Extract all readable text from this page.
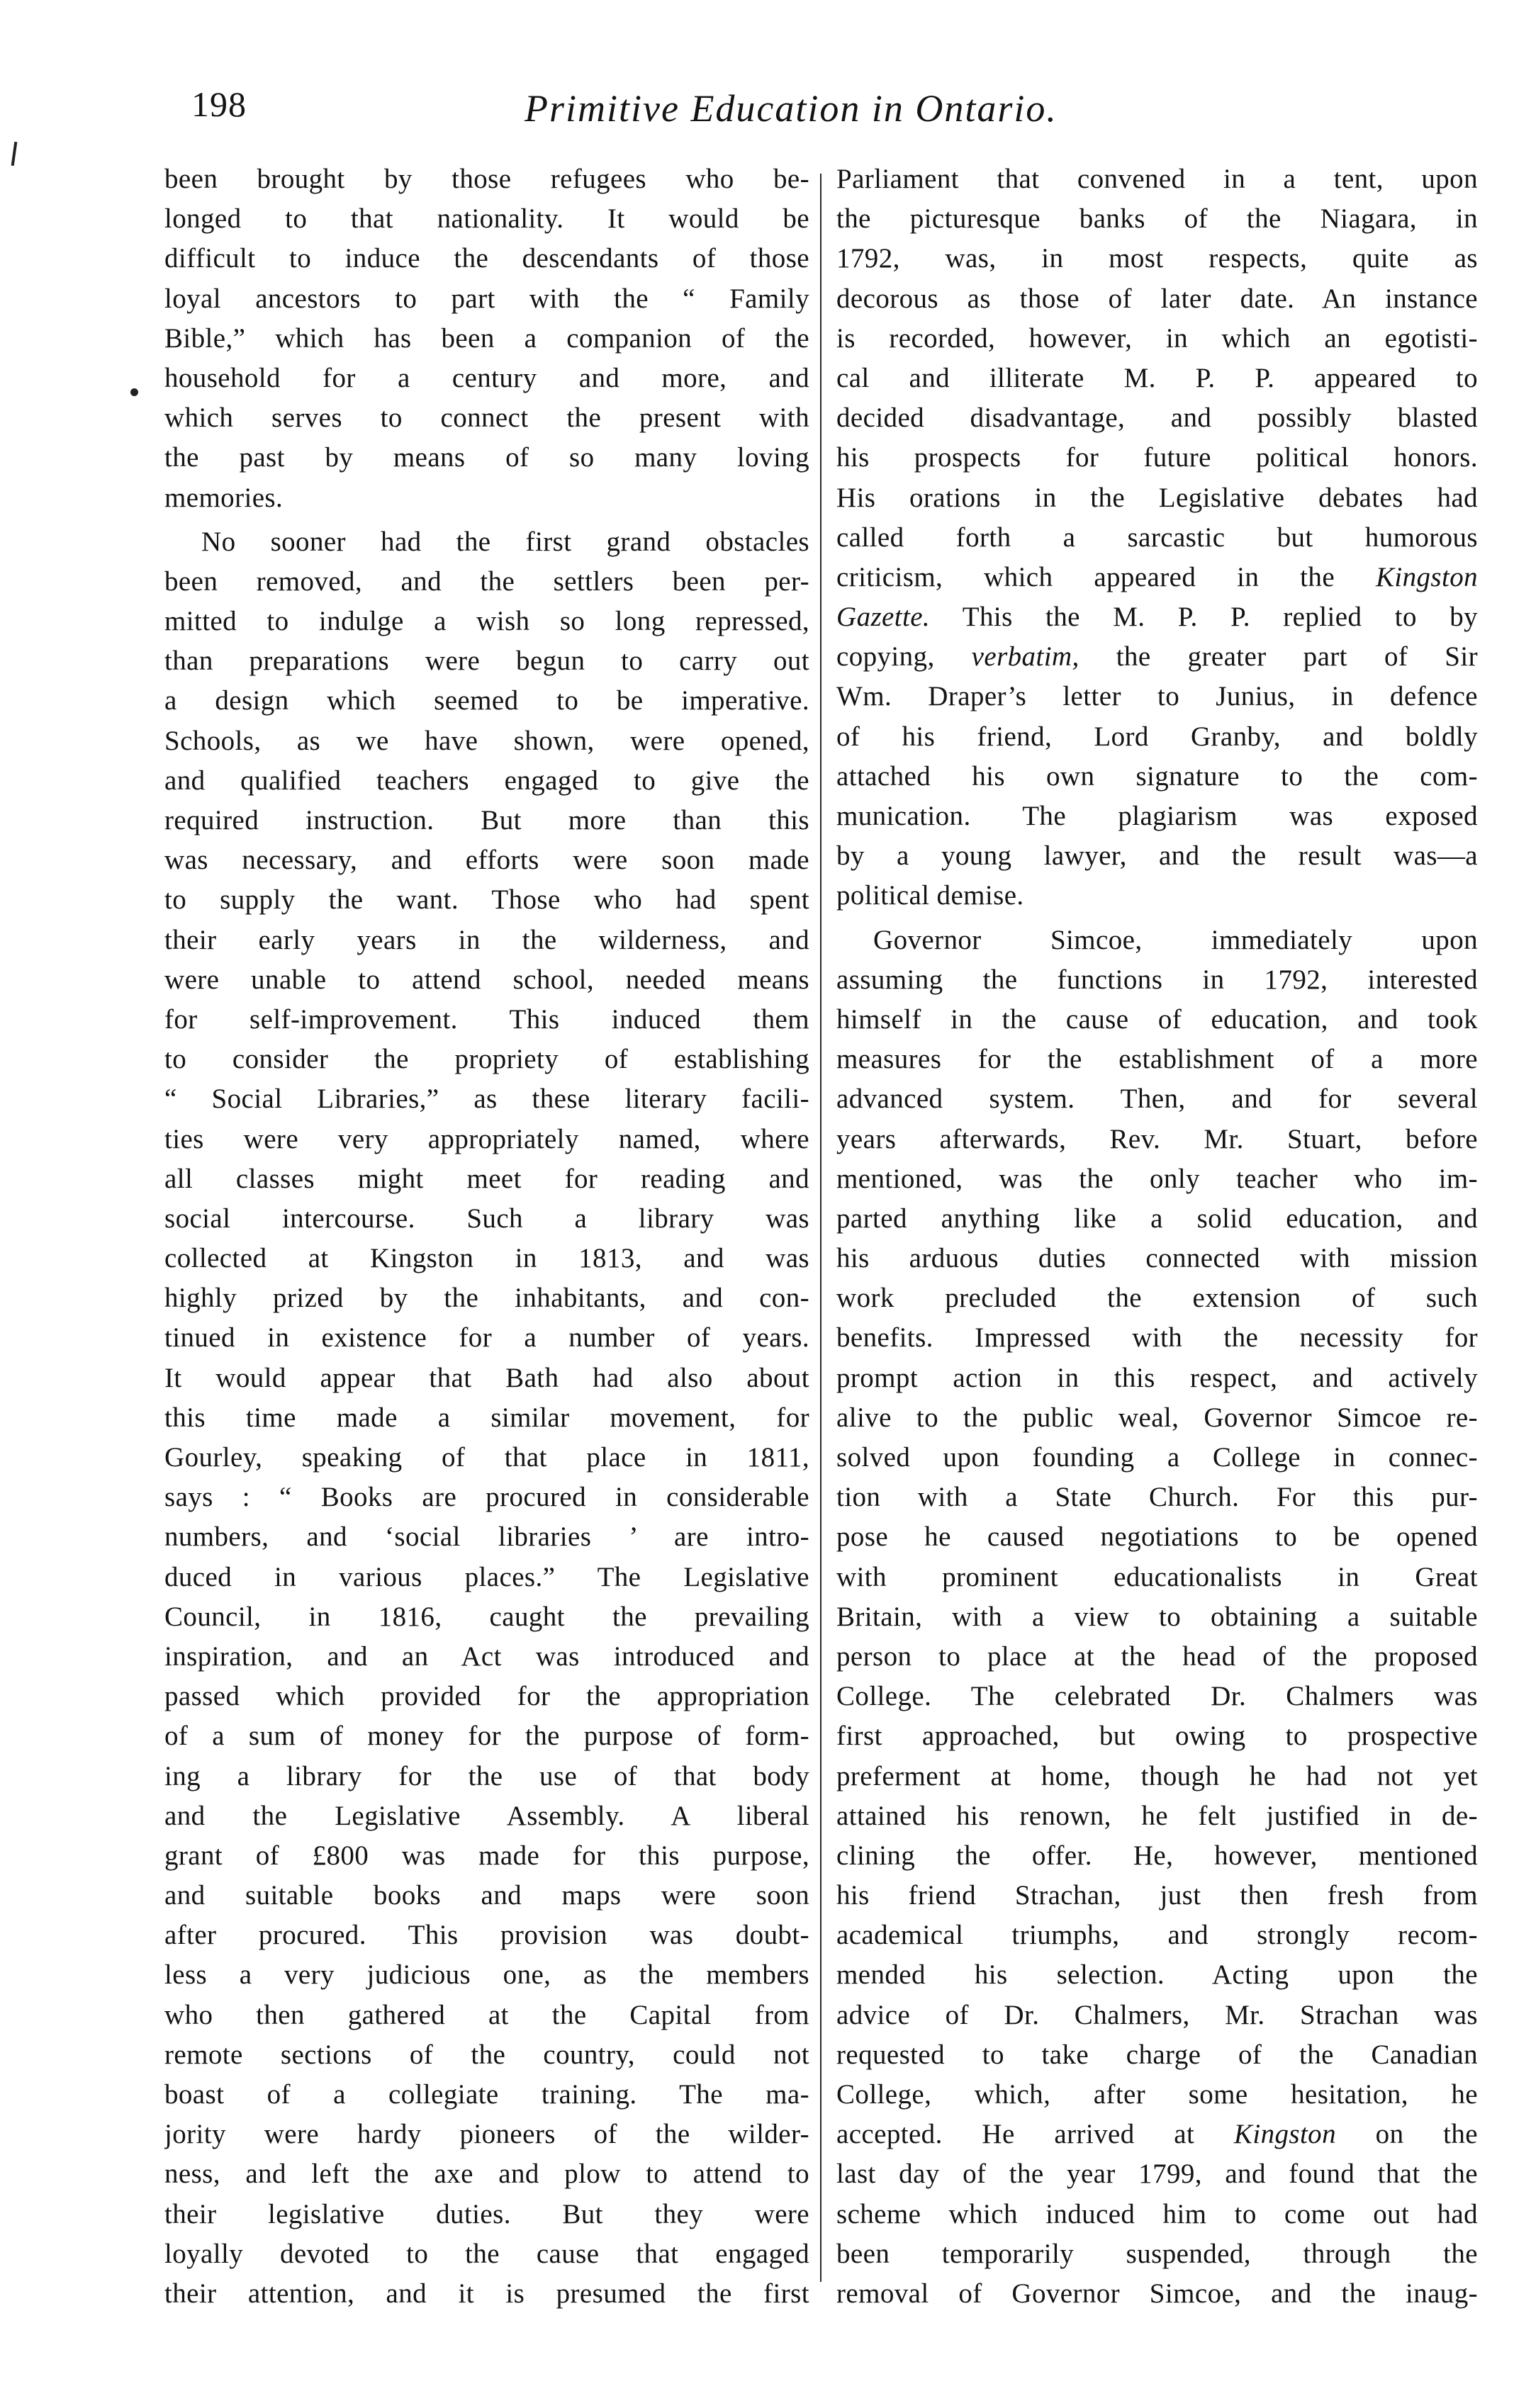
198	Primitive Education in Ontario.
been brought by those refugees who be-
longed to that nationality. It would be
difficult to induce the descendants of those
loyal ancestors to part with the “ Family
Bible,” which has been a companion of the
household for a century and more, and
which serves to connect the present with
the past by means of so many loving
memories.
No sooner had the first grand obstacles
been removed, and the settlers been per-
mitted to indulge a wish so long repressed,
than preparations were begun to carry out
a design which seemed to be imperative.
Schools, as we have shown, were opened,
and qualified teachers engaged to give the
required instruction. But more than this
was necessary, and efforts were soon made
to supply the want. Those who had spent
their early years in the wilderness, and
were unable to attend school, needed means
for self-improvement. This induced them
to consider the propriety of establishing
“ Social Libraries,” as these literary facili-
ties were very appropriately named, where
all classes might meet for reading and
social intercourse. Such a library was
collected at Kingston in 1813, and was
highly prized by the inhabitants, and con-
tinued in existence for a number of years.
It would appear that Bath had also about
this time made a similar movement, for
Gourley, speaking of that place in 1811,
says : “ Books are procured in considerable
numbers, and ‘social libraries ’ are intro-
duced in various places.” The Legislative
Council, in 1816, caught the prevailing
inspiration, and an Act was introduced and
passed which provided for the appropriation
of a sum of money for the purpose of form-
ing a library for the use of that body
and the Legislative Assembly. A liberal
grant of £800 was made for this purpose,
and suitable books and maps were soon
after procured. This provision was doubt-
less a very judicious one, as the members
who then gathered at the Capital from
remote sections of the country, could not
boast of a collegiate training. The ma-
jority were hardy pioneers of the wilder-
ness, and left the axe and plow to attend to
their legislative duties. But they were
loyally devoted to the cause that engaged
their attention, and it is presumed the first
Parliament that convened in a tent, upon
the picturesque banks of the Niagara, in
1792, was, in most respects, quite as
decorous as those of later date. An instance
is recorded, however, in which an egotisti-
cal and illiterate M. P. P. appeared to
decided disadvantage, and possibly blasted
his prospects for future political honors.
His orations in the Legislative debates had
called forth a sarcastic but humorous
criticism, which appeared in the Kingston
Gazette. This the M. P. P. replied to by
copying, verbatim, the greater part of Sir
Wm. Draper’s letter to Junius, in defence
of his friend, Lord Granby, and boldly
attached his own signature to the com-
munication. The plagiarism was exposed
by a young lawyer, and the result was—a
political demise.
Governor Simcoe, immediately upon
assuming the functions in 1792, interested
himself in the cause of education, and took
measures for the establishment of a more
advanced system. Then, and for several
years afterwards, Rev. Mr. Stuart, before
mentioned, was the only teacher who im-
parted anything like a solid education, and
his arduous duties connected with mission
work precluded the extension of such
benefits. Impressed with the necessity for
prompt action in this respect, and actively
alive to the public weal, Governor Simcoe re-
solved upon founding a College in connec-
tion with a State Church. For this pur-
pose he caused negotiations to be opened
with prominent educationalists in Great
Britain, with a view to obtaining a suitable
person to place at the head of the proposed
College. The celebrated Dr. Chalmers was
first approached, but owing to prospective
preferment at home, though he had not yet
attained his renown, he felt justified in de-
clining the offer. He, however, mentioned
his friend Strachan, just then fresh from
academical triumphs, and strongly recom-
mended his selection. Acting upon the
advice of Dr. Chalmers, Mr. Strachan was
requested to take charge of the Canadian
College, which, after some hesitation, he
accepted. He arrived at Kingston on the
last day of the year 1799, and found that the
scheme which induced him to come out had
been temporarily suspended, through the
removal of Governor Simcoe, and the inaug-
